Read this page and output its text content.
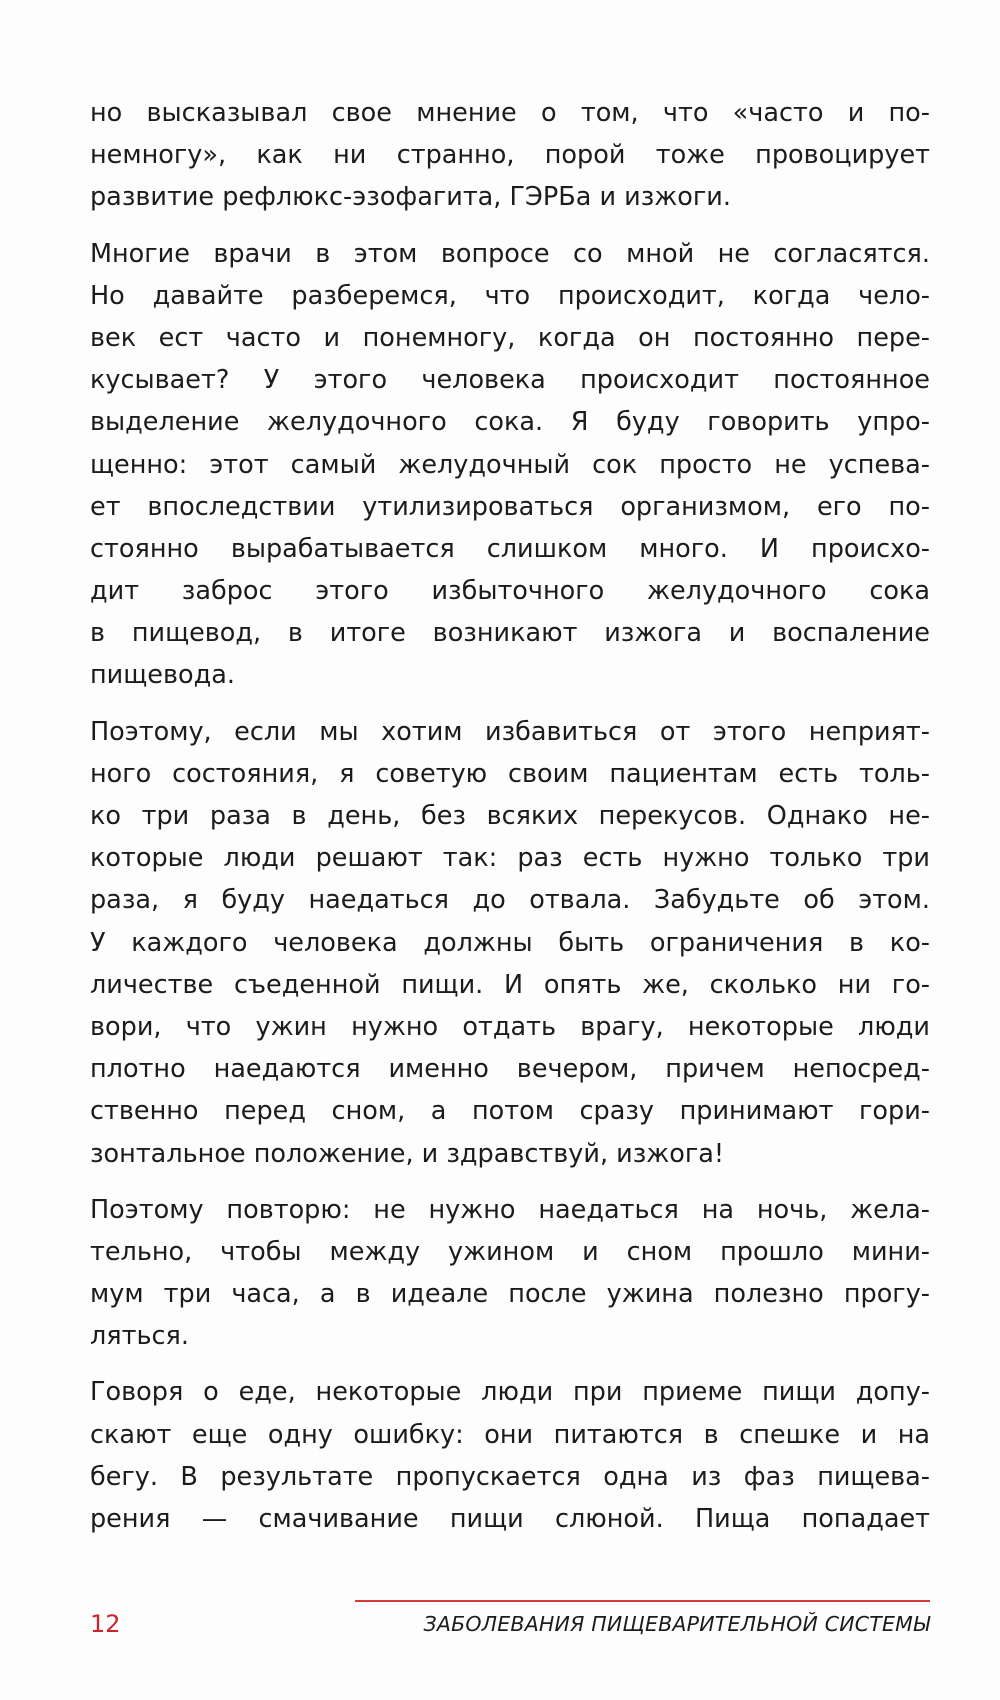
но высказывал свое мнение о том, что «часто и по-
немногу», как ни странно, порой тоже провоцирует
развитие рефлюкс-эзофагита, ГЭРБа и изжоги.
Многие врачи в этом вопросе со мной не согласятся.
Но давайте разберемся, что происходит, когда чело-
век ест часто и понемногу, когда он постоянно пере-
кусывает? У этого человека происходит постоянное
выделение желудочного сока. Я буду говорить упро-
щенно: этот самый желудочный сок просто не успева-
ет впоследствии утилизироваться организмом, его по-
стоянно вырабатывается слишком много. И происхо-
дит заброс этого избыточного желудочного сока
в пищевод, в итоге возникают изжога и воспаление
пищевода.
Поэтому, если мы хотим избавиться от этого неприят-
ного состояния, я советую своим пациентам есть толь-
ко три раза в день, без всяких перекусов. Однако не-
которые люди решают так: раз есть нужно только три
раза, я буду наедаться до отвала. Забудьте об этом.
У каждого человека должны быть ограничения в ко-
личестве съеденной пищи. И опять же, сколько ни го-
вори, что ужин нужно отдать врагу, некоторые люди
плотно наедаются именно вечером, причем непосред-
ственно перед сном, а потом сразу принимают гори-
зонтальное положение, и здравствуй, изжога!
Поэтому повторю: не нужно наедаться на ночь, жела-
тельно, чтобы между ужином и сном прошло мини-
мум три часа, а в идеале после ужина полезно прогу-
ляться.
Говоря о еде, некоторые люди при приеме пищи допу-
скают еще одну ошибку: они питаются в спешке и на
бегу. В результате пропускается одна из фаз пищева-
рения — смачивание пищи слюной. Пища попадает
12	ЗАБОЛЕВАНИЯ ПИЩЕВАРИТЕЛЬНОЙ СИСТЕМЫ
